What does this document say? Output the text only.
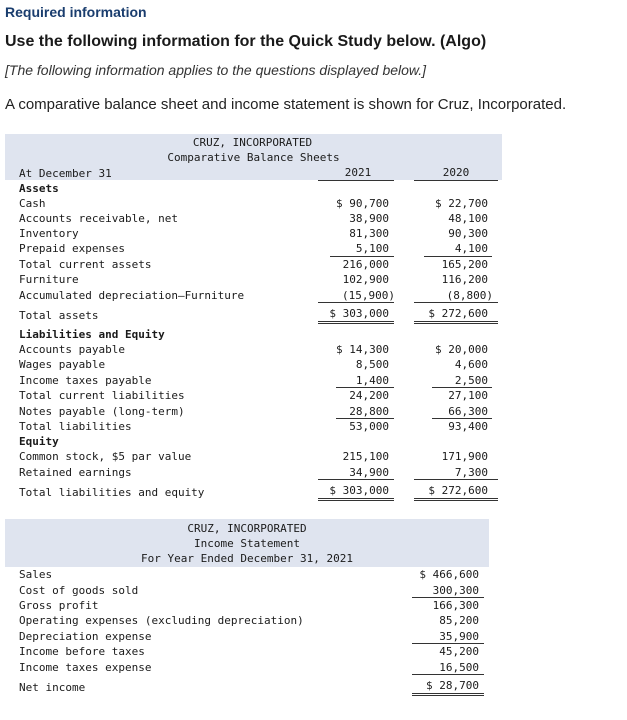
Required information
Use the following information for the Quick Study below. (Algo)
[The following information applies to the questions displayed below.]
A comparative balance sheet and income statement is shown for Cruz, Incorporated.
CRUZ, INCORPORATED
Comparative Balance Sheets
At December 31	2021	2020
Assets
Cash	$ 90,700	$ 22,700
Accounts receivable, net	38,900	48,100
Inventory	81,300	90,300
Prepaid expenses	5,100	4,100
Total current assets	216,000	165,200
Furniture	102,900	116,200
Accumulated depreciation—Furniture	(15,900)	(8,800)
Total assets	$ 303,000	$ 272,600
Liabilities and Equity
Accounts payable	$ 14,300	$ 20,000
Wages payable	8,500	4,600
Income taxes payable	1,400	2,500
Total current liabilities	24,200	27,100
Notes payable (long-term)	28,800	66,300
Total liabilities	53,000	93,400
Equity
Common stock, $5 par value	215,100	171,900
Retained earnings	34,900	7,300
Total liabilities and equity	$ 303,000	$ 272,600
CRUZ, INCORPORATED
Income Statement
For Year Ended December 31, 2021
Sales	$ 466,600
Cost of goods sold	300,300
Gross profit	166,300
Operating expenses (excluding depreciation)	85,200
Depreciation expense	35,900
Income before taxes	45,200
Income taxes expense	16,500
Net income	$ 28,700
